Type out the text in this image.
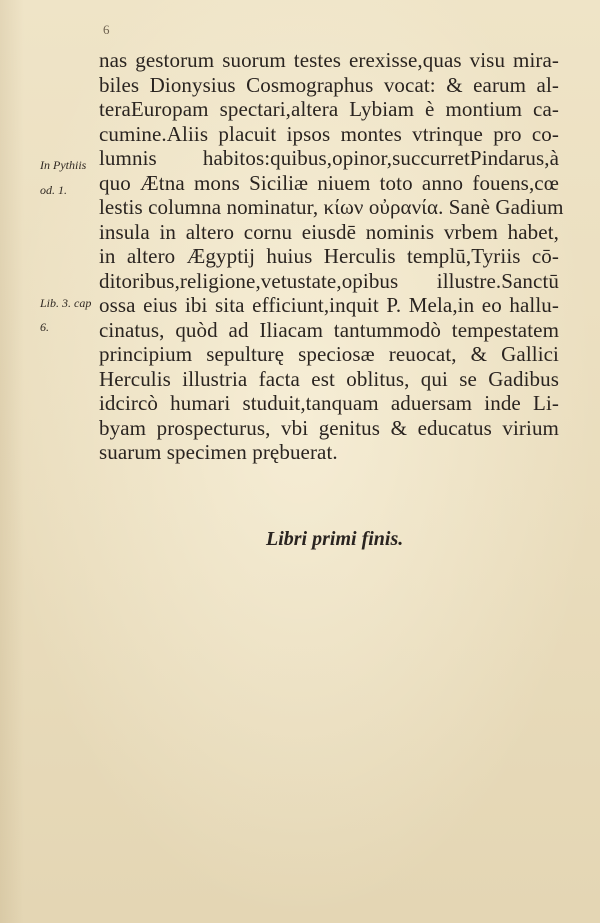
6
nas gestorum suorum testes erexisse,quas visu mira-
biles Dionysius Cosmographus vocat: & earum al-
teraEuropam spectari,altera Lybiam è montium ca-
cumine.Aliis placuit ipsos montes vtrinque pro co-
lumnis habitos:quibus,opinor,succurretPindarus,à
quo Ætna mons Siciliæ niuem toto anno fouens,cœ
lestis columna nominatur, κίων οὐρανία. Sanè Gadium
insula in altero cornu eiusdē nominis vrbem habet,
in altero Ægyptij huius Herculis templū,Tyriis cō-
ditoribus,religione,vetustate,opibus illustre.Sanctū
ossa eius ibi sita efficiunt,inquit P. Mela,in eo hallu-
cinatus, quòd ad Iliacam tantummodò tempestatem
principium sepulturę speciosæ reuocat, & Gallici
Herculis illustria facta est oblitus, qui se Gadibus
idcircò humari studuit,tanquam aduersam inde Li-
byam prospecturus, vbi genitus & educatus virium
suarum specimen prębuerat.
In Pythiis
od. 1.
Lib. 3. cap
6.
Libri primi finis.
